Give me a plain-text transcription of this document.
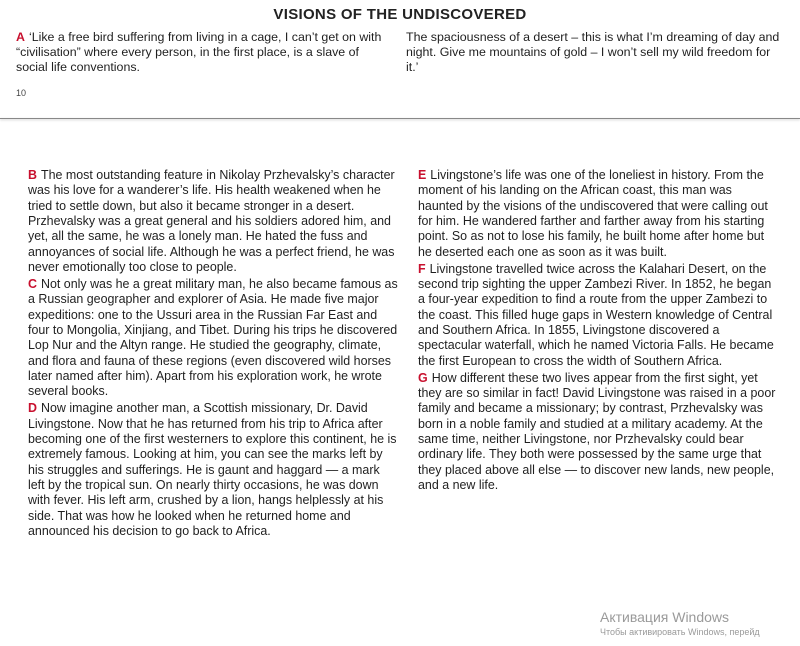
VISIONS OF THE UNDISCOVERED
A ‘Like a free bird suffering from living in a cage, I can’t get on with “civilisation” where every person, in the first place, is a slave of social life conventions.
The spaciousness of a desert – this is what I’m dreaming of day and night. Give me mountains of gold – I won’t sell my wild freedom for it.’
10

B The most outstanding feature in Nikolay Przhevalsky’s character was his love for a wanderer’s life. His health weakened when he tried to settle down, but also it became stronger in a desert. Przhevalsky was a great general and his soldiers adored him, and yet, all the same, he was a lonely man. He hated the fuss and annoyances of social life. Although he was a perfect friend, he was never emotionally too close to people.

C Not only was he a great military man, he also became famous as a Russian geographer and explorer of Asia. He made five major expeditions: one to the Ussuri area in the Russian Far East and four to Mongolia, Xinjiang, and Tibet. During his trips he discovered Lop Nur and the Altyn range. He studied the geography, climate, and flora and fauna of these regions (even discovered wild horses later named after him). Apart from his exploration work, he wrote several books.

D Now imagine another man, a Scottish missionary, Dr. David Livingstone. Now that he has returned from his trip to Africa after becoming one of the first westerners to explore this continent, he is extremely famous. Looking at him, you can see the marks left by his struggles and sufferings. He is gaunt and haggard — a mark left by the tropical sun. On nearly thirty occasions, he was down with fever. His left arm, crushed by a lion, hangs helplessly at his side. That was how he looked when he returned home and announced his decision to go back to Africa.

E Livingstone’s life was one of the loneliest in history. From the moment of his landing on the African coast, this man was haunted by the visions of the undiscovered that were calling out for him. He wandered farther and farther away from his starting point. So as not to lose his family, he built home after home but he deserted each one as soon as it was built.

F Livingstone travelled twice across the Kalahari Desert, on the second trip sighting the upper Zambezi River. In 1852, he began a four-year expedition to find a route from the upper Zambezi to the coast. This filled huge gaps in Western knowledge of Central and Southern Africa. In 1855, Livingstone discovered a spectacular waterfall, which he named Victoria Falls. He became the first European to cross the width of Southern Africa.

G How different these two lives appear from the first sight, yet they are so similar in fact! David Livingstone was raised in a poor family and became a missionary; by contrast, Przhevalsky was born in a noble family and studied at a military academy. At the same time, neither Livingstone, nor Przhevalsky could bear ordinary life. They both were possessed by the same urge that they placed above all else — to discover new lands, new people, and a new life.

Активация Windows
Чтобы активировать Windows, перейд
